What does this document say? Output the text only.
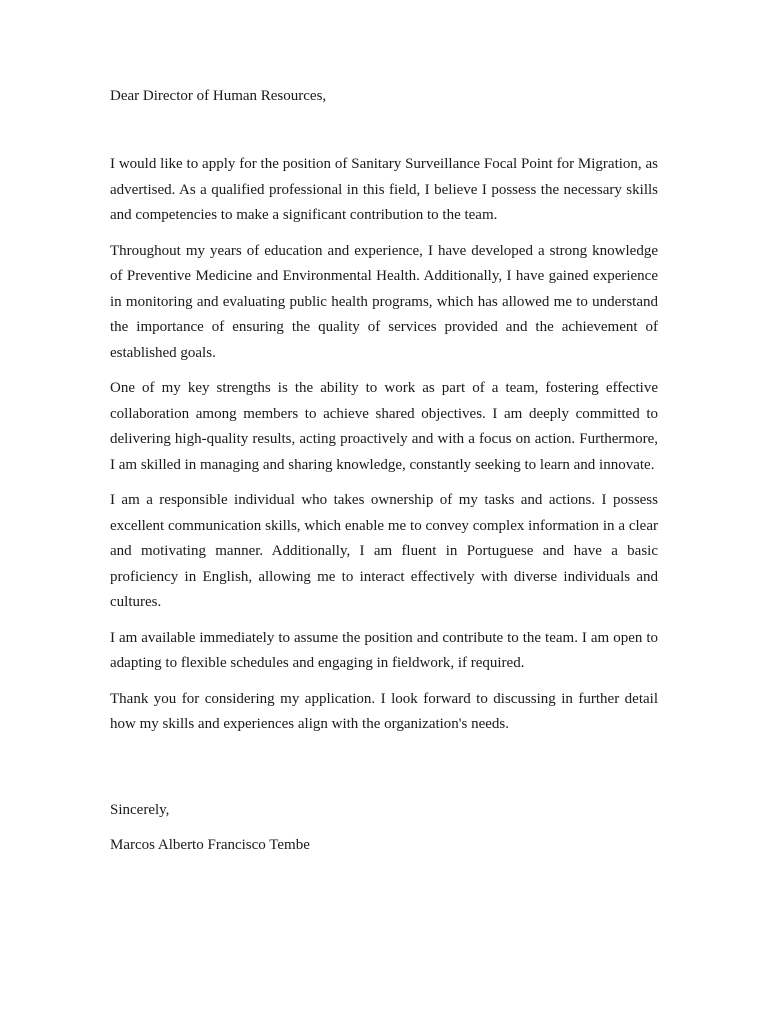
Dear Director of Human Resources,

I would like to apply for the position of Sanitary Surveillance Focal Point for Migration, as advertised. As a qualified professional in this field, I believe I possess the necessary skills and competencies to make a significant contribution to the team.

Throughout my years of education and experience, I have developed a strong knowledge of Preventive Medicine and Environmental Health. Additionally, I have gained experience in monitoring and evaluating public health programs, which has allowed me to understand the importance of ensuring the quality of services provided and the achievement of established goals.

One of my key strengths is the ability to work as part of a team, fostering effective collaboration among members to achieve shared objectives. I am deeply committed to delivering high-quality results, acting proactively and with a focus on action. Furthermore, I am skilled in managing and sharing knowledge, constantly seeking to learn and innovate.

I am a responsible individual who takes ownership of my tasks and actions. I possess excellent communication skills, which enable me to convey complex information in a clear and motivating manner. Additionally, I am fluent in Portuguese and have a basic proficiency in English, allowing me to interact effectively with diverse individuals and cultures.

I am available immediately to assume the position and contribute to the team. I am open to adapting to flexible schedules and engaging in fieldwork, if required.

Thank you for considering my application. I look forward to discussing in further detail how my skills and experiences align with the organization's needs.

Sincerely,

Marcos Alberto Francisco Tembe
